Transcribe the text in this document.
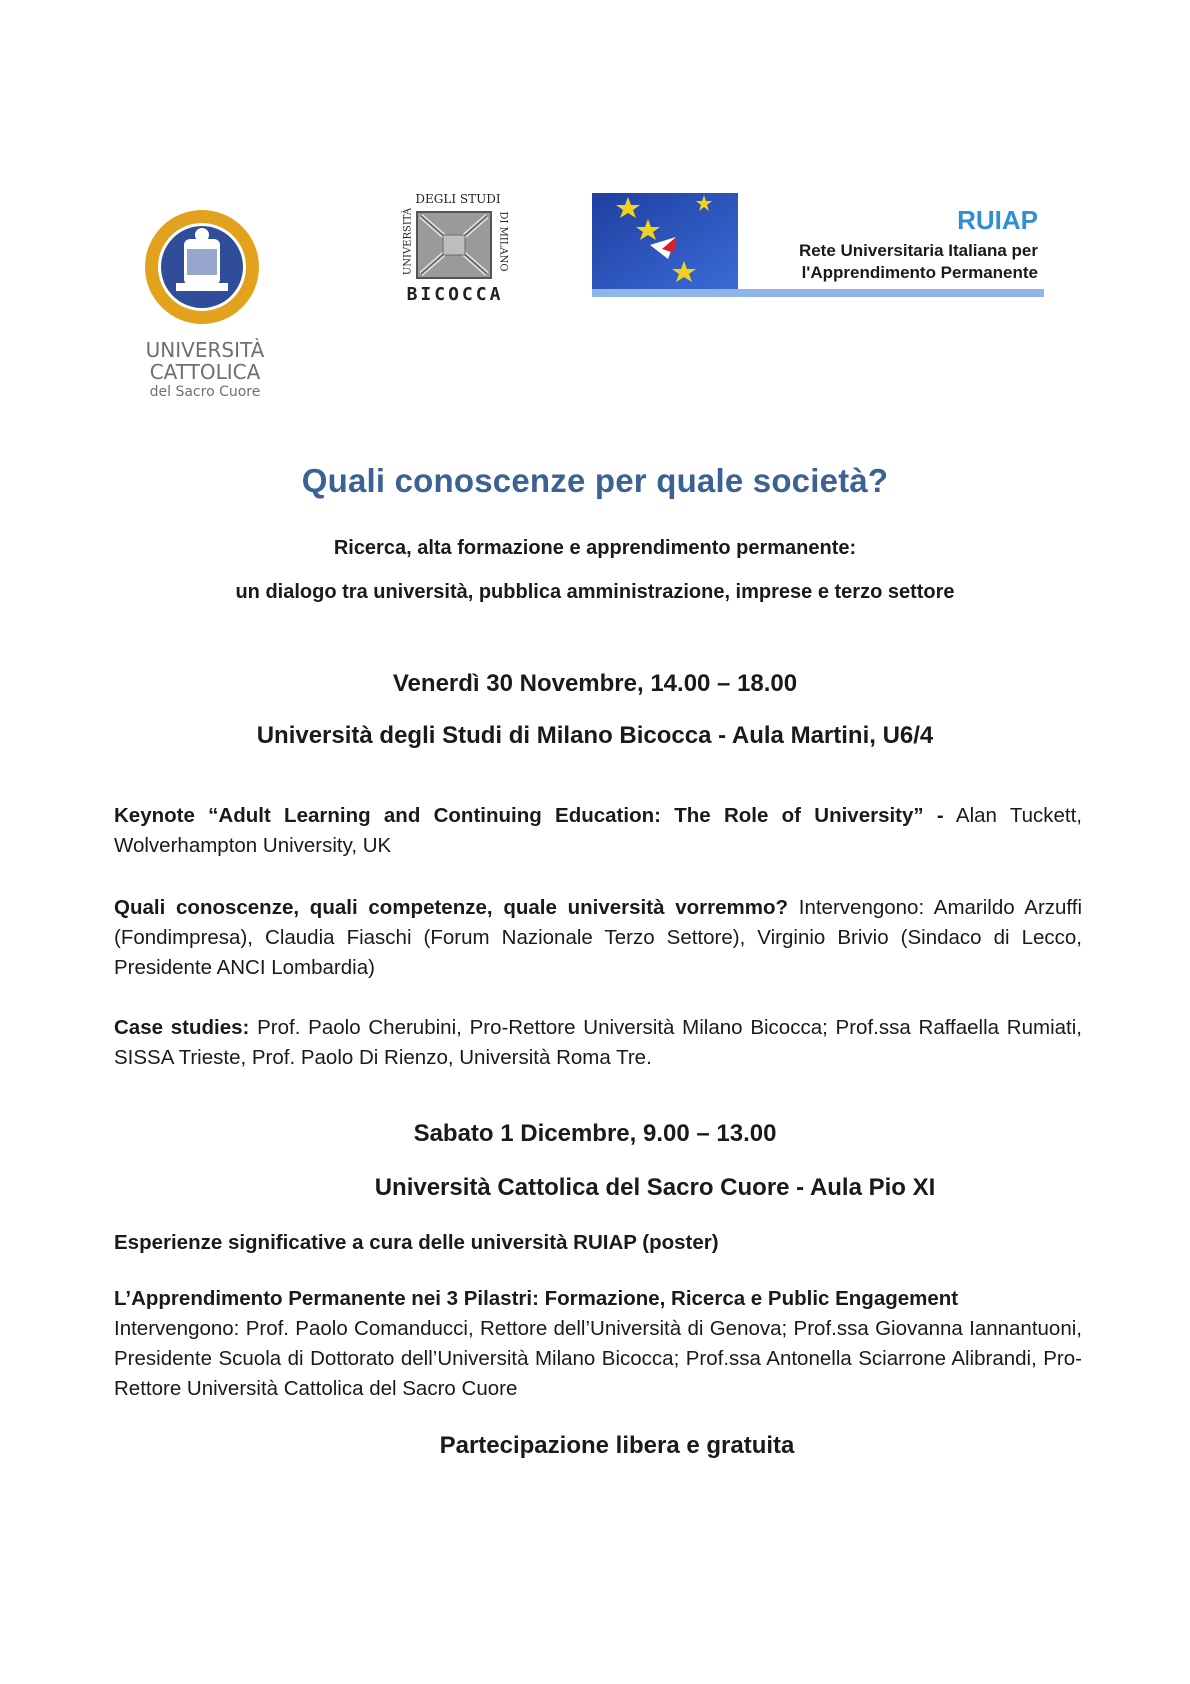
UNIVERSITÀ
CATTOLICA
del Sacro Cuore
DEGLI STUDI
UNIVERSITÀ	DI MILANO
BICOCCA
RUIAP
Rete Universitaria Italiana per
l'Apprendimento Permanente
Quali conoscenze per quale società?
Ricerca, alta formazione e apprendimento permanente:
un dialogo tra università, pubblica amministrazione, imprese e terzo settore
Venerdì 30 Novembre, 14.00 – 18.00
Università degli Studi di Milano Bicocca - Aula Martini, U6/4
Keynote “Adult Learning and Continuing Education: The Role of University” - Alan Tuckett, Wolverhampton University, UK
Quali conoscenze, quali competenze, quale università vorremmo? Intervengono: Amarildo Arzuffi (Fondimpresa), Claudia Fiaschi (Forum Nazionale Terzo Settore), Virginio Brivio (Sindaco di Lecco, Presidente ANCI Lombardia)
Case studies: Prof. Paolo Cherubini, Pro-Rettore Università Milano Bicocca; Prof.ssa Raffaella Rumiati, SISSA Trieste, Prof. Paolo Di Rienzo, Università Roma Tre.
Sabato 1 Dicembre, 9.00 – 13.00
Università Cattolica del Sacro Cuore - Aula Pio XI
Esperienze significative a cura delle università RUIAP (poster)
L’Apprendimento Permanente nei 3 Pilastri: Formazione, Ricerca e Public Engagement
Intervengono: Prof. Paolo Comanducci, Rettore dell’Università di Genova; Prof.ssa Giovanna Iannantuoni, Presidente Scuola di Dottorato dell’Università Milano Bicocca; Prof.ssa Antonella Sciarrone Alibrandi, Pro-Rettore Università Cattolica del Sacro Cuore
Partecipazione libera e gratuita
